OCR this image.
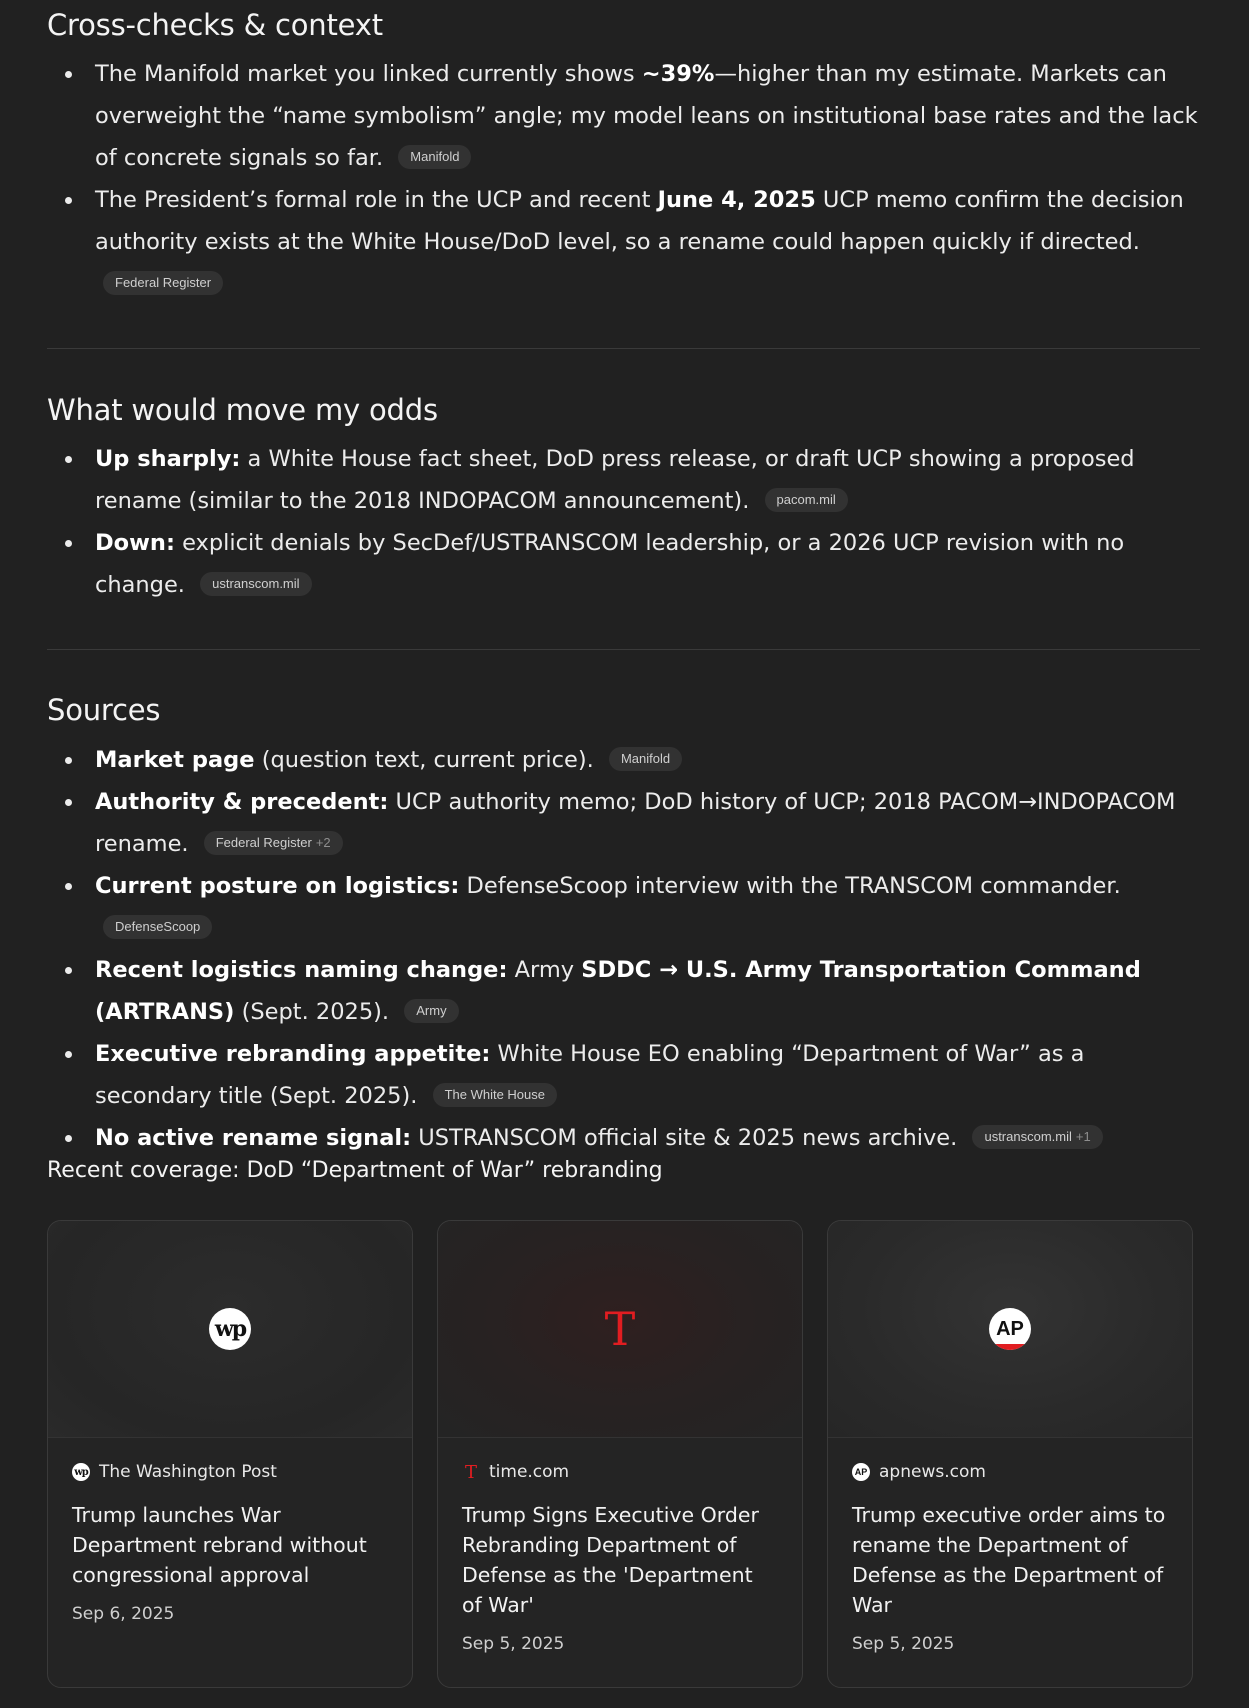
Cross-checks & context
The Manifold market you linked currently shows ~39%—higher than my estimate. Markets can overweight the “name symbolism” angle; my model leans on institutional base rates and the lack of concrete signals so far. Manifold
The President’s formal role in the UCP and recent June 4, 2025 UCP memo confirm the decision authority exists at the White House/DoD level, so a rename could happen quickly if directed. Federal Register
What would move my odds
Up sharply: a White House fact sheet, DoD press release, or draft UCP showing a proposed rename (similar to the 2018 INDOPACOM announcement). pacom.mil
Down: explicit denials by SecDef/USTRANSCOM leadership, or a 2026 UCP revision with no change. ustranscom.mil
Sources
Market page (question text, current price). Manifold
Authority & precedent: UCP authority memo; DoD history of UCP; 2018 PACOM→INDOPACOM rename. Federal Register +2
Current posture on logistics: DefenseScoop interview with the TRANSCOM commander. DefenseScoop
Recent logistics naming change: Army SDDC → U.S. Army Transportation Command (ARTRANS) (Sept. 2025). Army
Executive rebranding appetite: White House EO enabling “Department of War” as a secondary title (Sept. 2025). The White House
No active rename signal: USTRANSCOM official site & 2025 news archive. ustranscom.mil +1
Recent coverage: DoD “Department of War” rebranding
wp
wp The Washington Post
Trump launches War Department rebrand without congressional approval
Sep 6, 2025
T
T time.com
Trump Signs Executive Order Rebranding Department of Defense as the 'Department of War'
Sep 5, 2025
AP
AP apnews.com
Trump executive order aims to rename the Department of Defense as the Department of War
Sep 5, 2025
